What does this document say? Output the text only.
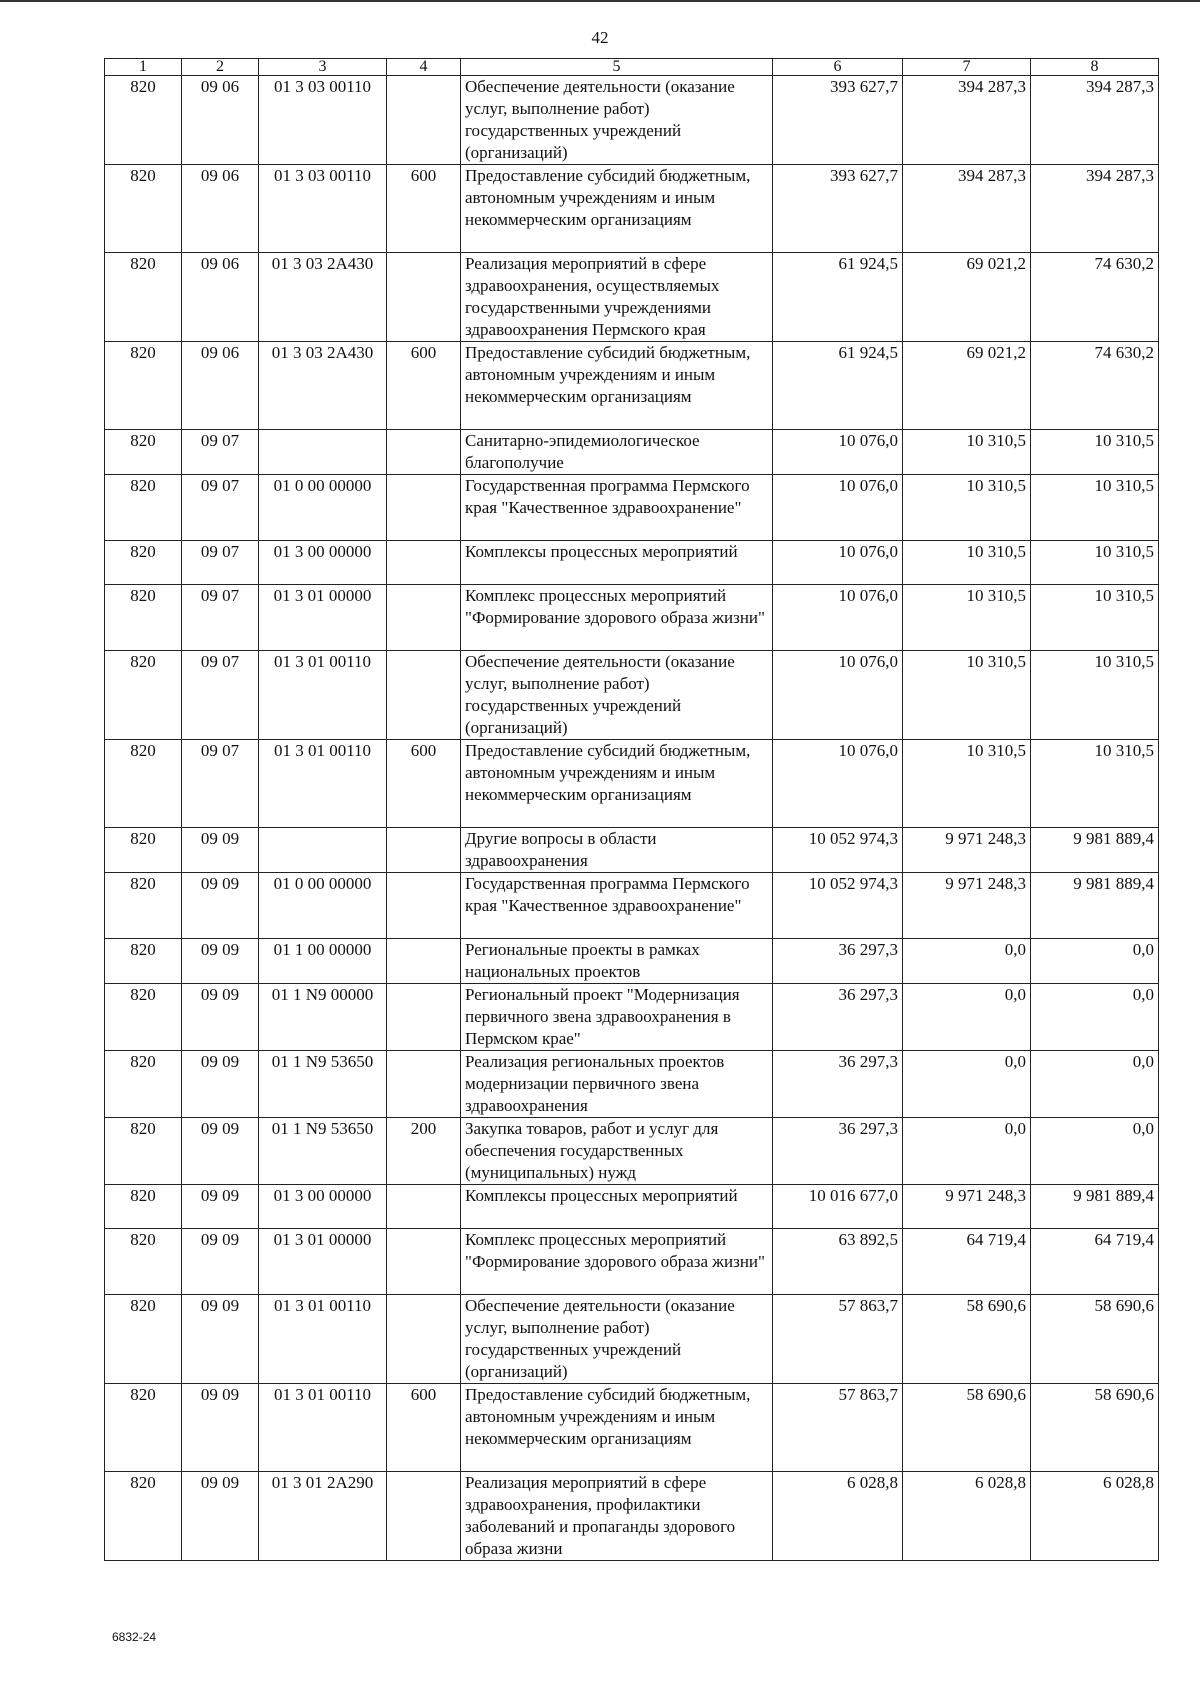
42
1	2	3	4	5	6	7	8
820	09 06	01 3 03 00110		Обеспечение деятельности (оказание услуг, выполнение работ) государственных учреждений (организаций)	393 627,7	394 287,3	394 287,3
820	09 06	01 3 03 00110	600	Предоставление субсидий бюджетным, автономным учреждениям и иным некоммерческим организациям	393 627,7	394 287,3	394 287,3
820	09 06	01 3 03 2А430		Реализация мероприятий в сфере здравоохранения, осуществляемых государственными учреждениями здравоохранения Пермского края	61 924,5	69 021,2	74 630,2
820	09 06	01 3 03 2А430	600	Предоставление субсидий бюджетным, автономным учреждениям и иным некоммерческим организациям	61 924,5	69 021,2	74 630,2
820	09 07			Санитарно-эпидемиологическое благополучие	10 076,0	10 310,5	10 310,5
820	09 07	01 0 00 00000		Государственная программа Пермского края "Качественное здравоохранение"	10 076,0	10 310,5	10 310,5
820	09 07	01 3 00 00000		Комплексы процессных мероприятий	10 076,0	10 310,5	10 310,5
820	09 07	01 3 01 00000		Комплекс процессных мероприятий "Формирование здорового образа жизни"	10 076,0	10 310,5	10 310,5
820	09 07	01 3 01 00110		Обеспечение деятельности (оказание услуг, выполнение работ) государственных учреждений (организаций)	10 076,0	10 310,5	10 310,5
820	09 07	01 3 01 00110	600	Предоставление субсидий бюджетным, автономным учреждениям и иным некоммерческим организациям	10 076,0	10 310,5	10 310,5
820	09 09			Другие вопросы в области здравоохранения	10 052 974,3	9 971 248,3	9 981 889,4
820	09 09	01 0 00 00000		Государственная программа Пермского края "Качественное здравоохранение"	10 052 974,3	9 971 248,3	9 981 889,4
820	09 09	01 1 00 00000		Региональные проекты в рамках национальных проектов	36 297,3	0,0	0,0
820	09 09	01 1 N9 00000		Региональный проект "Модернизация первичного звена здравоохранения в Пермском крае"	36 297,3	0,0	0,0
820	09 09	01 1 N9 53650		Реализация региональных проектов модернизации первичного звена здравоохранения	36 297,3	0,0	0,0
820	09 09	01 1 N9 53650	200	Закупка товаров, работ и услуг для обеспечения государственных (муниципальных) нужд	36 297,3	0,0	0,0
820	09 09	01 3 00 00000		Комплексы процессных мероприятий	10 016 677,0	9 971 248,3	9 981 889,4
820	09 09	01 3 01 00000		Комплекс процессных мероприятий "Формирование здорового образа жизни"	63 892,5	64 719,4	64 719,4
820	09 09	01 3 01 00110		Обеспечение деятельности (оказание услуг, выполнение работ) государственных учреждений (организаций)	57 863,7	58 690,6	58 690,6
820	09 09	01 3 01 00110	600	Предоставление субсидий бюджетным, автономным учреждениям и иным некоммерческим организациям	57 863,7	58 690,6	58 690,6
820	09 09	01 3 01 2А290		Реализация мероприятий в сфере здравоохранения, профилактики заболеваний и пропаганды здорового образа жизни	6 028,8	6 028,8	6 028,8
6832-24
